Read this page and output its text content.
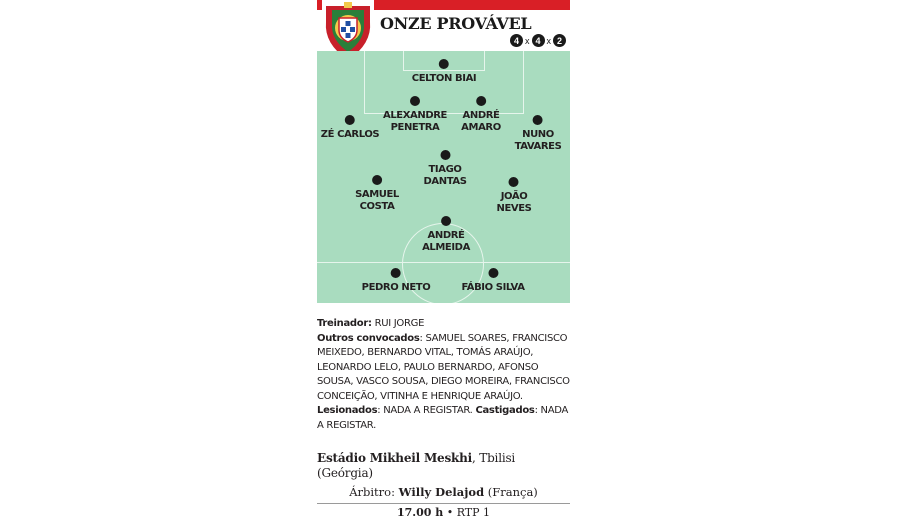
ONZE PROVÁVEL
4 x 4 x 2
CELTON BIAI
ALEXANDRE
PENETRA
ANDRÉ
AMARO
ZÉ CARLOS	NUNO
TAVARES
TIAGO
DANTAS
SAMUEL
COSTA
JOÃO
NEVES
ANDRÉ
ALMEIDA
PEDRO NETO	FÁBIO SILVA
Treinador: RUI JORGE
Outros convocados: SAMUEL SOARES, FRANCISCO MEIXEDO, BERNARDO VITAL, TOMÁS ARAÚJO, LEONARDO LELO, PAULO BERNARDO, AFONSO SOUSA, VASCO SOUSA, DIEGO MOREIRA, FRANCISCO CONCEIÇÃO, VITINHA E HENRIQUE ARAÚJO. Lesionados: NADA A REGISTAR. Castigados: NADA A REGISTAR.
Estádio Mikheil Meskhi, Tbilisi (Geórgia)
Árbitro: Willy Delajod (França)
17.00 h • RTP 1
